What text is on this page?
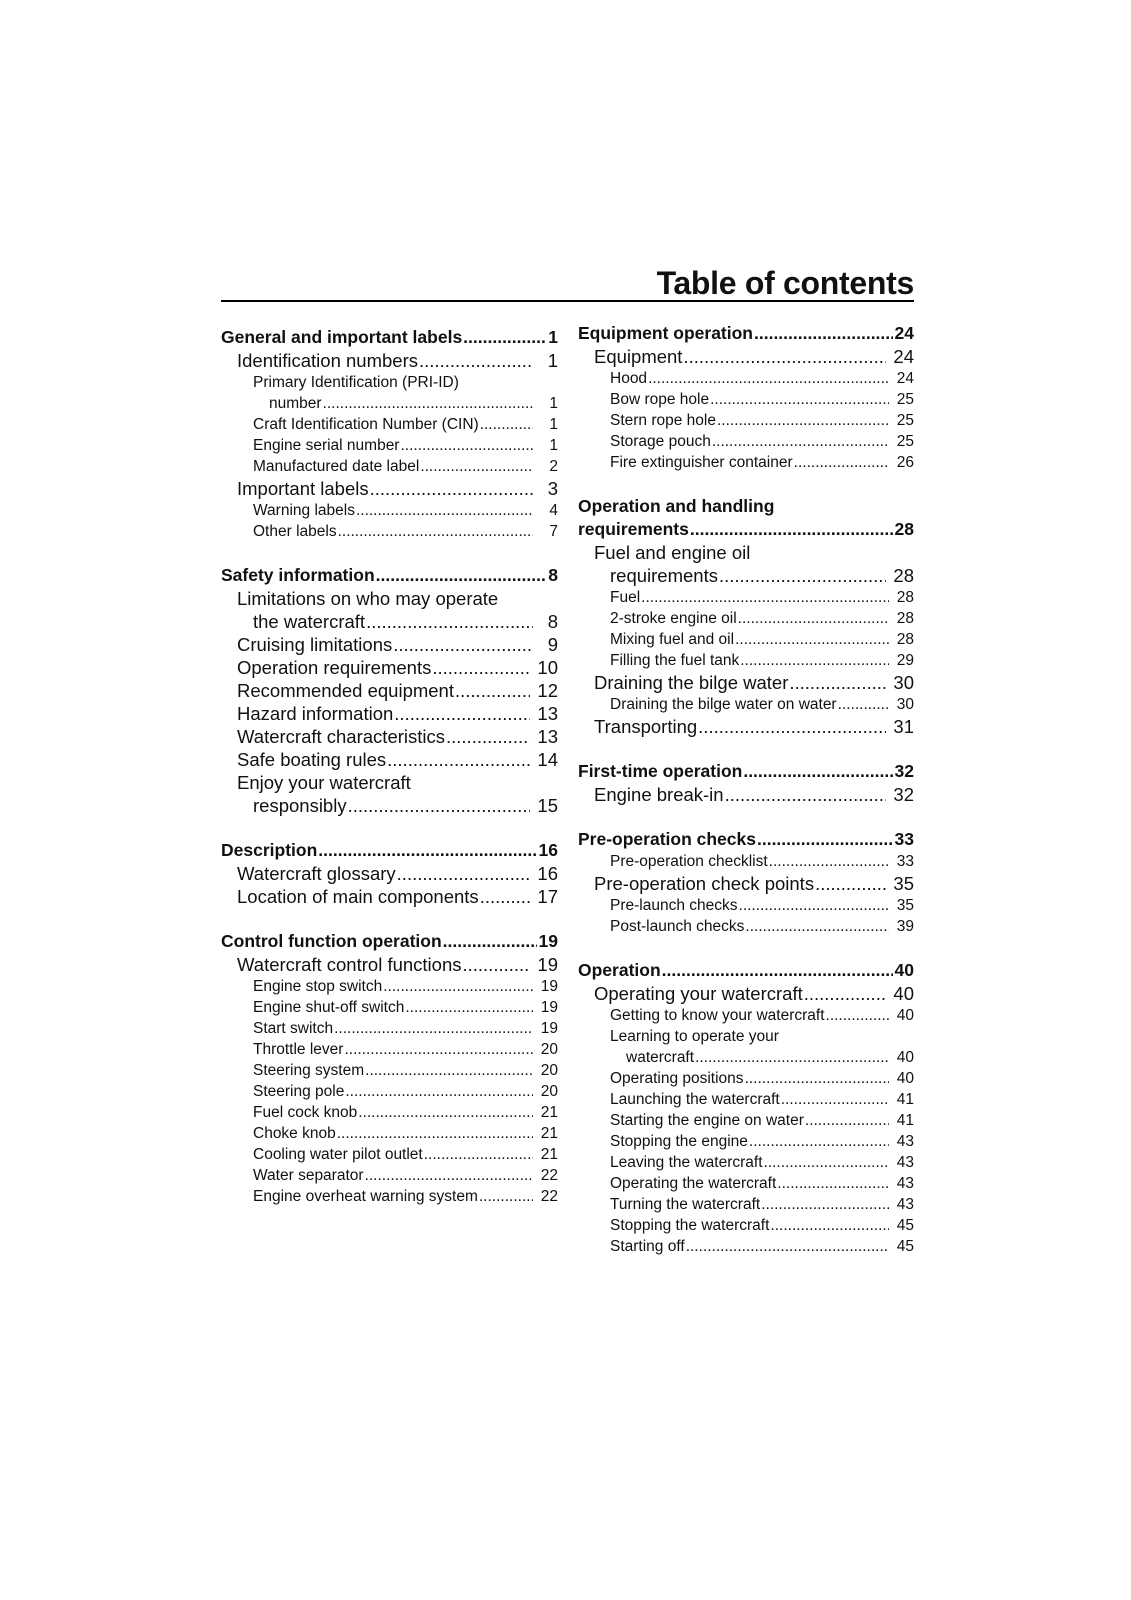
Table of contents
General and important labels .....	1
Identification numbers .....	1
Primary Identification (PRI-ID)
number .....	1
Craft Identification Number (CIN) .....	1
Engine serial number .....	1
Manufactured date label .....	2
Important labels .....	3
Warning labels .....	4
Other labels .....	7
Safety information .....	8
Limitations on who may operate
the watercraft .....	8
Cruising limitations .....	9
Operation requirements .....	10
Recommended equipment .....	12
Hazard information .....	13
Watercraft characteristics .....	13
Safe boating rules .....	14
Enjoy your watercraft
responsibly .....	15
Description .....	16
Watercraft glossary .....	16
Location of main components .....	17
Control function operation .....	19
Watercraft control functions .....	19
Engine stop switch .....	19
Engine shut-off switch .....	19
Start switch .....	19
Throttle lever .....	20
Steering system .....	20
Steering pole .....	20
Fuel cock knob .....	21
Choke knob .....	21
Cooling water pilot outlet .....	21
Water separator .....	22
Engine overheat warning system .....	22
Equipment operation .....	24
Equipment .....	24
Hood .....	24
Bow rope hole .....	25
Stern rope hole .....	25
Storage pouch .....	25
Fire extinguisher container .....	26
Operation and handling
requirements .....	28
Fuel and engine oil
requirements .....	28
Fuel .....	28
2-stroke engine oil .....	28
Mixing fuel and oil .....	28
Filling the fuel tank .....	29
Draining the bilge water .....	30
Draining the bilge water on water .....	30
Transporting .....	31
First-time operation .....	32
Engine break-in .....	32
Pre-operation checks .....	33
Pre-operation checklist .....	33
Pre-operation check points .....	35
Pre-launch checks .....	35
Post-launch checks .....	39
Operation .....	40
Operating your watercraft .....	40
Getting to know your watercraft .....	40
Learning to operate your
watercraft .....	40
Operating positions .....	40
Launching the watercraft .....	41
Starting the engine on water .....	41
Stopping the engine .....	43
Leaving the watercraft .....	43
Operating the watercraft .....	43
Turning the watercraft .....	43
Stopping the watercraft .....	45
Starting off .....	45
